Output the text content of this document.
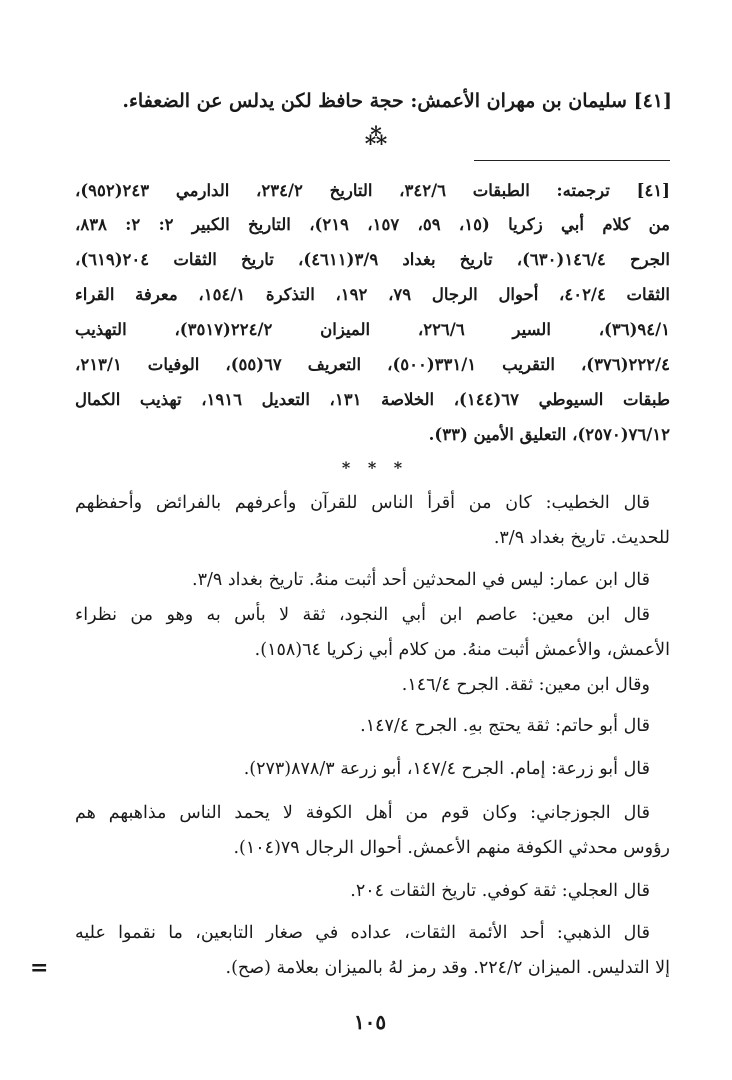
[٤١] سليمان بن مهران الأعمش: حجة حافظ لكن يدلس عن الضعفاء.
⁂
[٤١] ترجمته: الطبقات ٣٤٢/٦، التاريخ ٢٣٤/٢، الدارمي ٢٤٣(٩٥٢)،
من كلام أبي زكريا (١٥، ٥٩، ١٥٧، ٢١٩)، التاريخ الكبير ٢: ٢: ٨٣٨،
الجرح ١٤٦/٤(٦٣٠)، تاريخ بغداد ٣/٩(٤٦١١)، تاريخ الثقات ٢٠٤(٦١٩)،
الثقات ٤٠٢/٤، أحوال الرجال ٧٩، ١٩٢، التذكرة ١٥٤/١، معرفة القراء
٩٤/١(٣٦)، السير ٢٢٦/٦، الميزان ٢٢٤/٢(٣٥١٧)، التهذيب
٢٢٢/٤(٣٧٦)، التقريب ٣٣١/١(٥٠٠)، التعريف ٦٧(٥٥)، الوفيات ٢١٣/١،
طبقات السيوطي ٦٧(١٤٤)، الخلاصة ١٣١، التعديل ١٩١٦، تهذيب الكمال
٧٦/١٢(٢٥٧٠)، التعليق الأمين (٣٣).
* * *
قال الخطيب: كان من أقرأ الناس للقرآن وأعرفهم بالفرائض وأحفظهم
للحديث. تاريخ بغداد ٣/٩.
قال ابن عمار: ليس في المحدثين أحد أثبت منهُ. تاريخ بغداد ٣/٩.
قال ابن معين: عاصم ابن أبي النجود، ثقة لا بأس به وهو من نظراء
الأعمش، والأعمش أثبت منهُ. من كلام أبي زكريا ٦٤(١٥٨).
وقال ابن معين: ثقة. الجرح ١٤٦/٤.
قال أبو حاتم: ثقة يحتج بهِ. الجرح ١٤٧/٤.
قال أبو زرعة: إمام. الجرح ١٤٧/٤، أبو زرعة ٨٧٨/٣(٢٧٣).
قال الجوزجاني: وكان قوم من أهل الكوفة لا يحمد الناس مذاهبهم هم
رؤوس محدثي الكوفة منهم الأعمش. أحوال الرجال ٧٩(١٠٤).
قال العجلي: ثقة كوفي. تاريخ الثقات ٢٠٤.
قال الذهبي: أحد الأئمة الثقات، عداده في صغار التابعين، ما نقموا عليه
إلا التدليس. الميزان ٢٢٤/٢. وقد رمز لهُ بالميزان بعلامة (صح).
=
١٠٥
